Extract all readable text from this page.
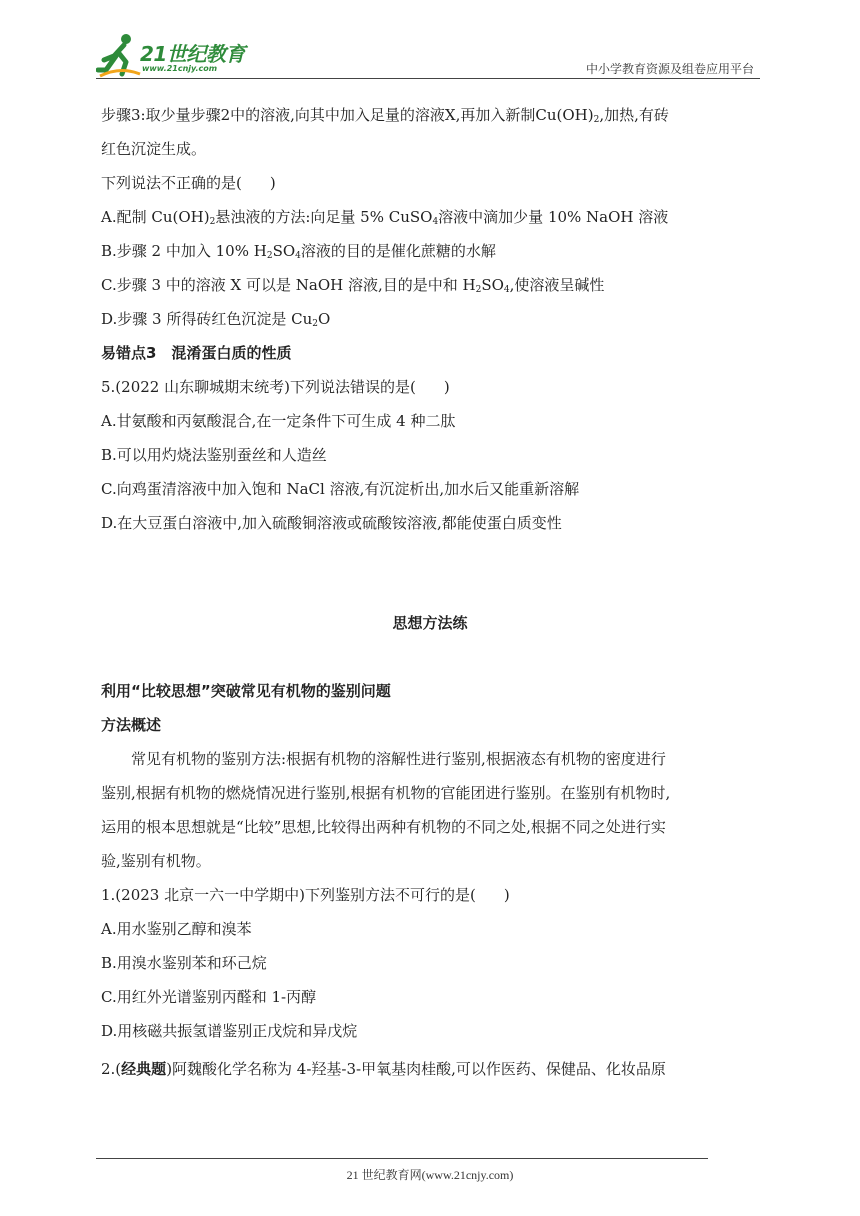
21世纪教育
www.21cnjy.com	中小学教育资源及组卷应用平台
步骤3:取少量步骤2中的溶液,向其中加入足量的溶液X,再加入新制$Cu(OH)_2$,加热,有砖
红色沉淀生成。
下列说法不正确的是( )
A.配制 $Cu(OH)_2$悬浊液的方法:向足量 5% CuSO$_4$溶液中滴加少量 10% NaOH 溶液
B.步骤 2 中加入 10% $H_2SO_4$溶液的目的是催化蔗糖的水解
C.步骤 3 中的溶液 X 可以是 NaOH 溶液,目的是中和 $H_2SO_4$,使溶液呈碱性
D.步骤 3 所得砖红色沉淀是 $Cu_2O$
易错点3　混淆蛋白质的性质
5.(2022 山东聊城期末统考)下列说法错误的是( )
A.甘氨酸和丙氨酸混合,在一定条件下可生成 4 种二肽
B.可以用灼烧法鉴别蚕丝和人造丝
C.向鸡蛋清溶液中加入饱和 NaCl 溶液,有沉淀析出,加水后又能重新溶解
D.在大豆蛋白溶液中,加入硫酸铜溶液或硫酸铵溶液,都能使蛋白质变性
思想方法练
利用“比较思想”突破常见有机物的鉴别问题
方法概述
　　常见有机物的鉴别方法:根据有机物的溶解性进行鉴别,根据液态有机物的密度进行
鉴别,根据有机物的燃烧情况进行鉴别,根据有机物的官能团进行鉴别。在鉴别有机物时,
运用的根本思想就是“比较”思想,比较得出两种有机物的不同之处,根据不同之处进行实
验,鉴别有机物。
1.(2023 北京一六一中学期中)下列鉴别方法不可行的是( )
A.用水鉴别乙醇和溴苯
B.用溴水鉴别苯和环己烷
C.用红外光谱鉴别丙醛和 1-丙醇
D.用核磁共振氢谱鉴别正戊烷和异戊烷
2.(经典题)阿魏酸化学名称为 4-羟基-3-甲氧基肉桂酸,可以作医药、保健品、化妆品原
21 世纪教育网(www.21cnjy.com)
